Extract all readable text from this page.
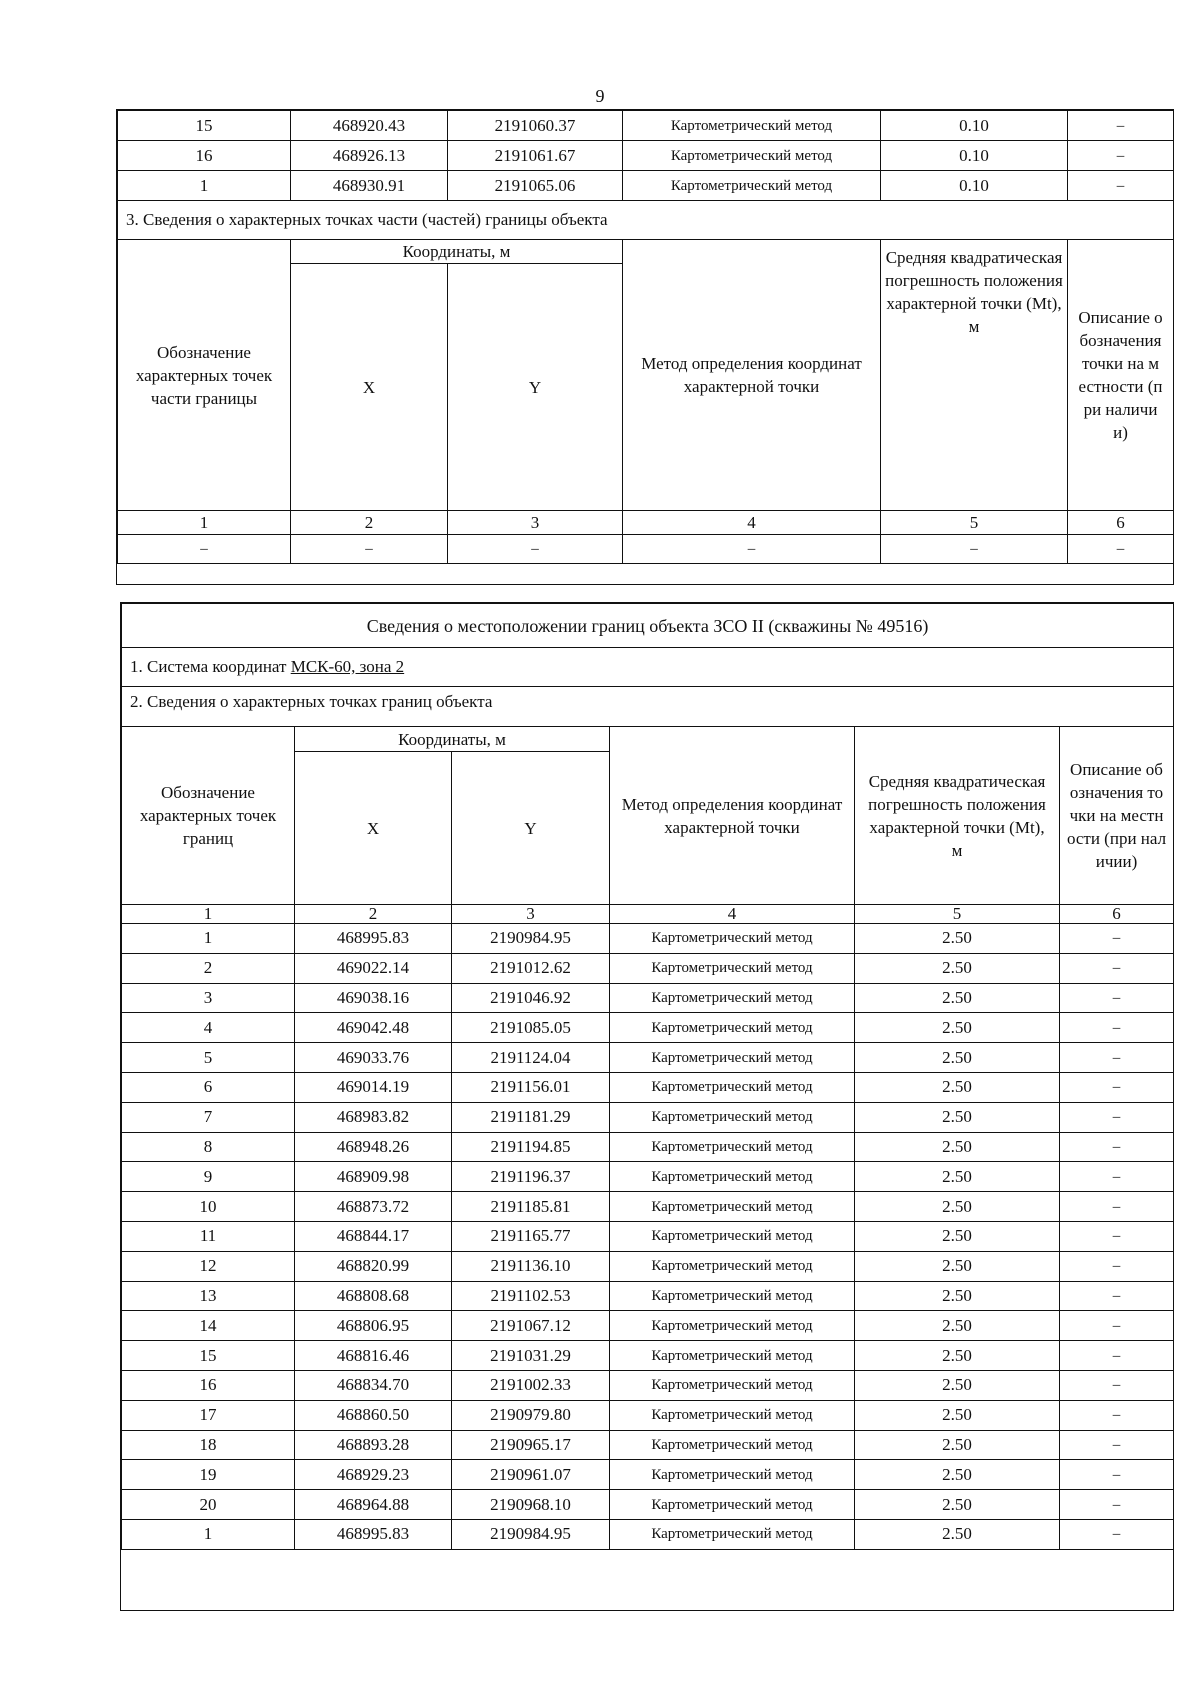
9
15	468920.43	2191060.37	Картометрический метод	0.10	–
16	468926.13	2191061.67	Картометрический метод	0.10	–
1	468930.91	2191065.06	Картометрический метод	0.10	–
3. Сведения о характерных точках части (частей) границы объекта					
Обозначение характерных точек части границы	Координаты, м		Метод определения координат характерной точки	Средняя квадратическая погрешность положения характерной точки (Mt), м	Описание обозначения точки на местности (при наличии)
	X	Y			
1	2	3	4	5	6
–	–	–	–	–	–
Сведения о местоположении границ объекта ЗСО II (скважины № 49516)					
1. Система координат МСК-60, зона 2					
2. Сведения о характерных точках границ объекта					
Обозначение характерных точек границ	Координаты, м		Метод определения координат характерной точки	Средняя квадратическая погрешность положения характерной точки (Mt), м	Описание обозначения точки на местности (при наличии)
	X	Y			
1	2	3	4	5	6
1	468995.83	2190984.95	Картометрический метод	2.50	–
2	469022.14	2191012.62	Картометрический метод	2.50	–
3	469038.16	2191046.92	Картометрический метод	2.50	–
4	469042.48	2191085.05	Картометрический метод	2.50	–
5	469033.76	2191124.04	Картометрический метод	2.50	–
6	469014.19	2191156.01	Картометрический метод	2.50	–
7	468983.82	2191181.29	Картометрический метод	2.50	–
8	468948.26	2191194.85	Картометрический метод	2.50	–
9	468909.98	2191196.37	Картометрический метод	2.50	–
10	468873.72	2191185.81	Картометрический метод	2.50	–
11	468844.17	2191165.77	Картометрический метод	2.50	–
12	468820.99	2191136.10	Картометрический метод	2.50	–
13	468808.68	2191102.53	Картометрический метод	2.50	–
14	468806.95	2191067.12	Картометрический метод	2.50	–
15	468816.46	2191031.29	Картометрический метод	2.50	–
16	468834.70	2191002.33	Картометрический метод	2.50	–
17	468860.50	2190979.80	Картометрический метод	2.50	–
18	468893.28	2190965.17	Картометрический метод	2.50	–
19	468929.23	2190961.07	Картометрический метод	2.50	–
20	468964.88	2190968.10	Картометрический метод	2.50	–
1	468995.83	2190984.95	Картометрический метод	2.50	–
